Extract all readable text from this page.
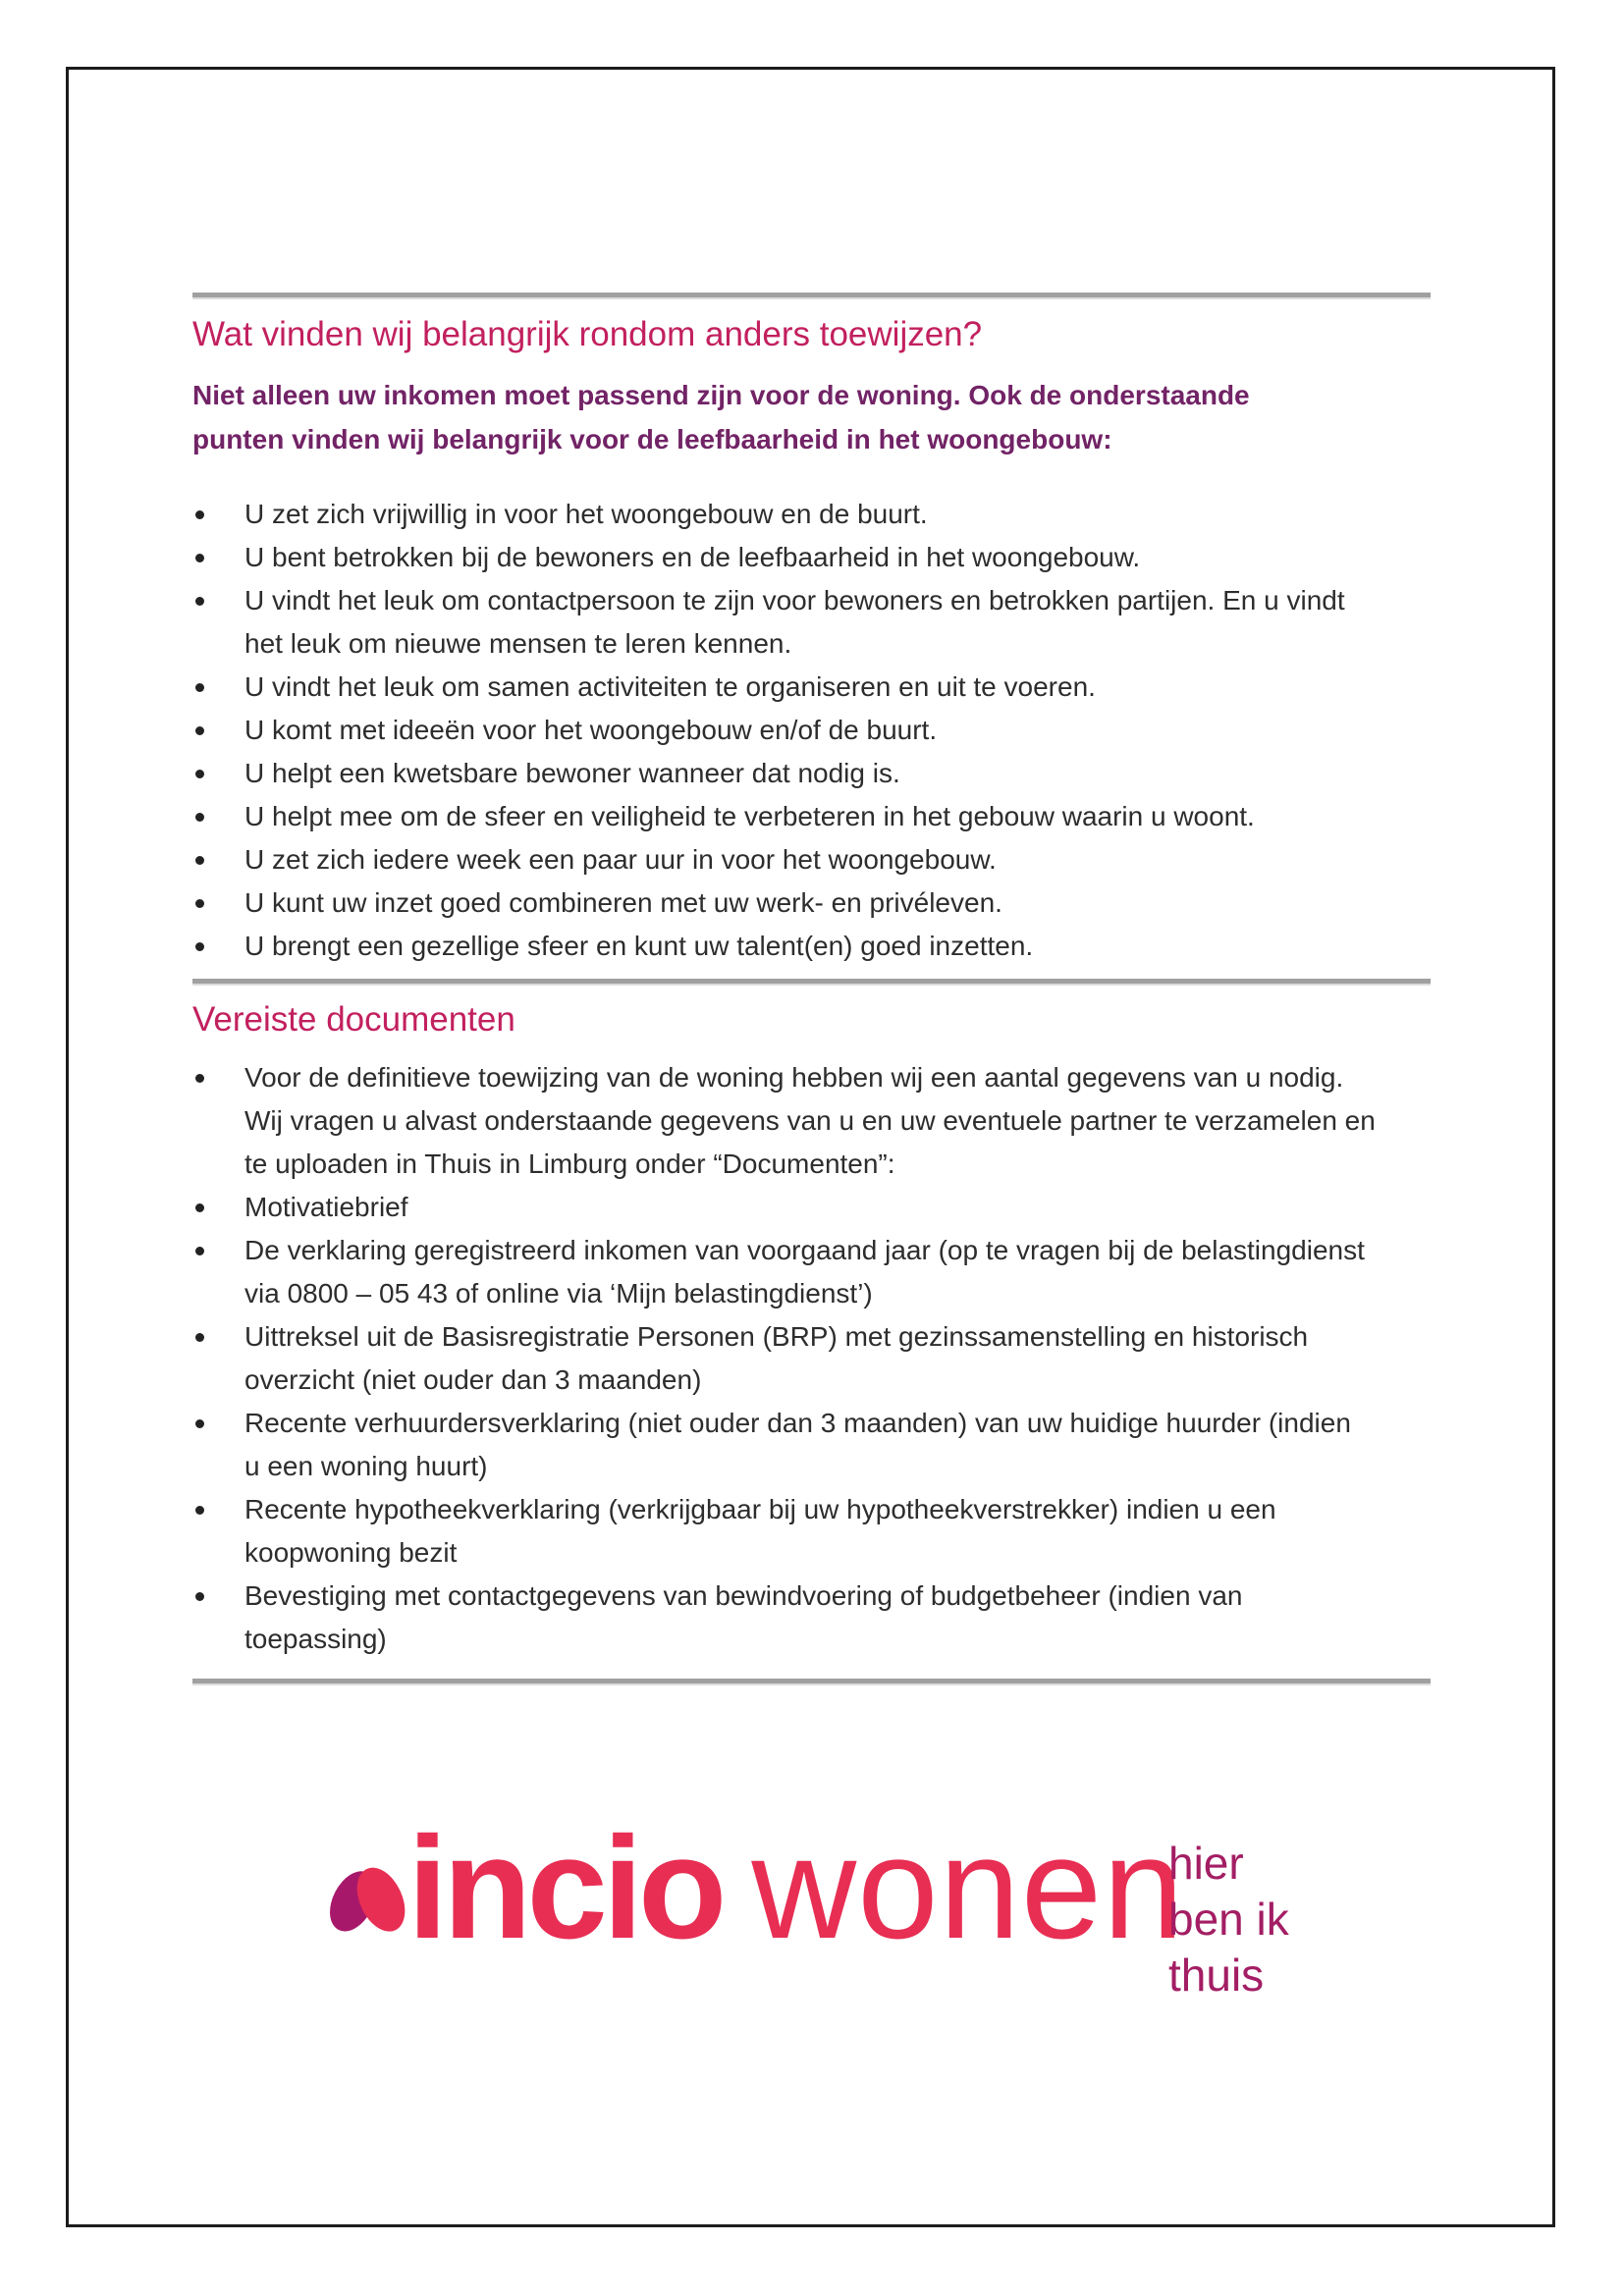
Wat vinden wij belangrijk rondom anders toewijzen?

Niet alleen uw inkomen moet passend zijn voor de woning. Ook de onderstaande
punten vinden wij belangrijk voor de leefbaarheid in het woongebouw:

U zet zich vrijwillig in voor het woongebouw en de buurt.
U bent betrokken bij de bewoners en de leefbaarheid in het woongebouw.
U vindt het leuk om contactpersoon te zijn voor bewoners en betrokken partijen. En u vindt
het leuk om nieuwe mensen te leren kennen.
U vindt het leuk om samen activiteiten te organiseren en uit te voeren.
U komt met ideeën voor het woongebouw en/of de buurt.
U helpt een kwetsbare bewoner wanneer dat nodig is.
U helpt mee om de sfeer en veiligheid te verbeteren in het gebouw waarin u woont.
U zet zich iedere week een paar uur in voor het woongebouw.
U kunt uw inzet goed combineren met uw werk- en privéleven.
U brengt een gezellige sfeer en kunt uw talent(en) goed inzetten.
Vereiste documenten
Voor de definitieve toewijzing van de woning hebben wij een aantal gegevens van u nodig.
Wij vragen u alvast onderstaande gegevens van u en uw eventuele partner te verzamelen en
te uploaden in Thuis in Limburg onder “Documenten”:
Motivatiebrief
De verklaring geregistreerd inkomen van voorgaand jaar (op te vragen bij de belastingdienst
via 0800 – 05 43 of online via ‘Mijn belastingdienst’)
Uittreksel uit de Basisregistratie Personen (BRP) met gezinssamenstelling en historisch
overzicht (niet ouder dan 3 maanden)
Recente verhuurdersverklaring (niet ouder dan 3 maanden) van uw huidige huurder (indien
u een woning huurt)
Recente hypotheekverklaring (verkrijgbaar bij uw hypotheekverstrekker) indien u een
koopwoning bezit
Bevestiging met contactgegevens van bewindvoering of budgetbeheer (indien van
toepassing)
incio wonen
hier
ben ik
thuis
